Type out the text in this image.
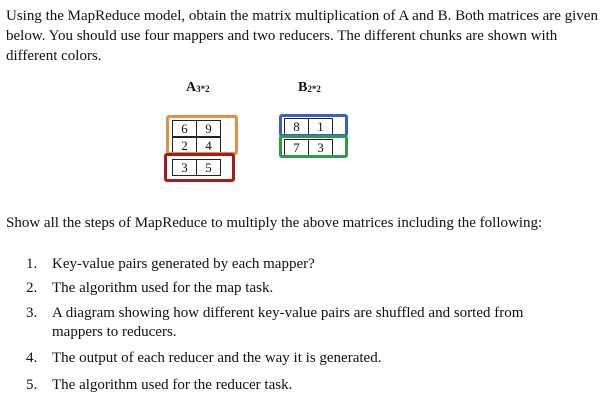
Using the MapReduce model, obtain the matrix multiplication of A and B. Both matrices are given below. You should use four mappers and two reducers. The different chunks are shown with different colors.
$A_{3*2}$	$B_{2*2}$
6	9
2	4
3	5
8	1
7	3
Show all the steps of MapReduce to multiply the above matrices including the following:
1. Key-value pairs generated by each mapper?
2. The algorithm used for the map task.
3. A diagram showing how different key-value pairs are shuffled and sorted from mappers to reducers.
4. The output of each reducer and the way it is generated.
5. The algorithm used for the reducer task.
